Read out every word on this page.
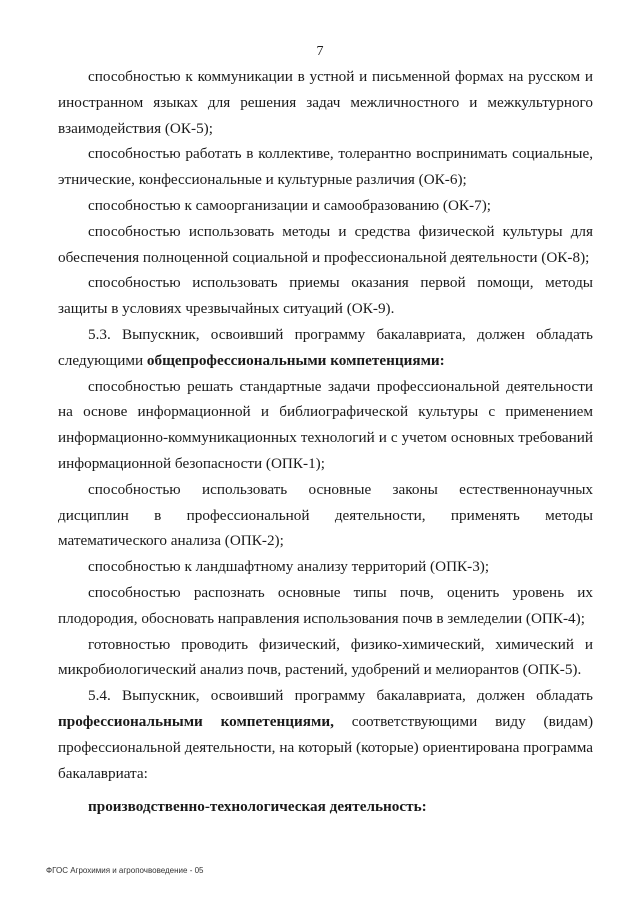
7

способностью к коммуникации в устной и письменной формах на русском и иностранном языках для решения задач межличностного и межкультурного взаимодействия (ОК-5);

способностью работать в коллективе, толерантно воспринимать социальные, этнические, конфессиональные и культурные различия (ОК-6);

способностью к самоорганизации и самообразованию (ОК-7);

способностью использовать методы и средства физической культуры для обеспечения полноценной социальной и профессиональной деятельности (ОК-8);

способностью использовать приемы оказания первой помощи, методы защиты в условиях чрезвычайных ситуаций (ОК-9).

5.3. Выпускник, освоивший программу бакалавриата, должен обладать следующими общепрофессиональными компетенциями:

способностью решать стандартные задачи профессиональной деятельности на основе информационной и библиографической культуры с применением информационно-коммуникационных технологий и с учетом основных требований информационной безопасности (ОПК-1);

способностью использовать основные законы естественнонаучных дисциплин в профессиональной деятельности, применять методы математического анализа (ОПК-2);

способностью к ландшафтному анализу территорий (ОПК-3);

способностью распознать основные типы почв, оценить уровень их плодородия, обосновать направления использования почв в земледелии (ОПК-4);

готовностью проводить физический, физико-химический, химический и микробиологический анализ почв, растений, удобрений и мелиорантов (ОПК-5).

5.4. Выпускник, освоивший программу бакалавриата, должен обладать профессиональными компетенциями, соответствующими виду (видам) профессиональной деятельности, на который (которые) ориентирована программа бакалавриата:

производственно-технологическая деятельность:

ФГОС Агрохимия и агропочвоведение - 05
